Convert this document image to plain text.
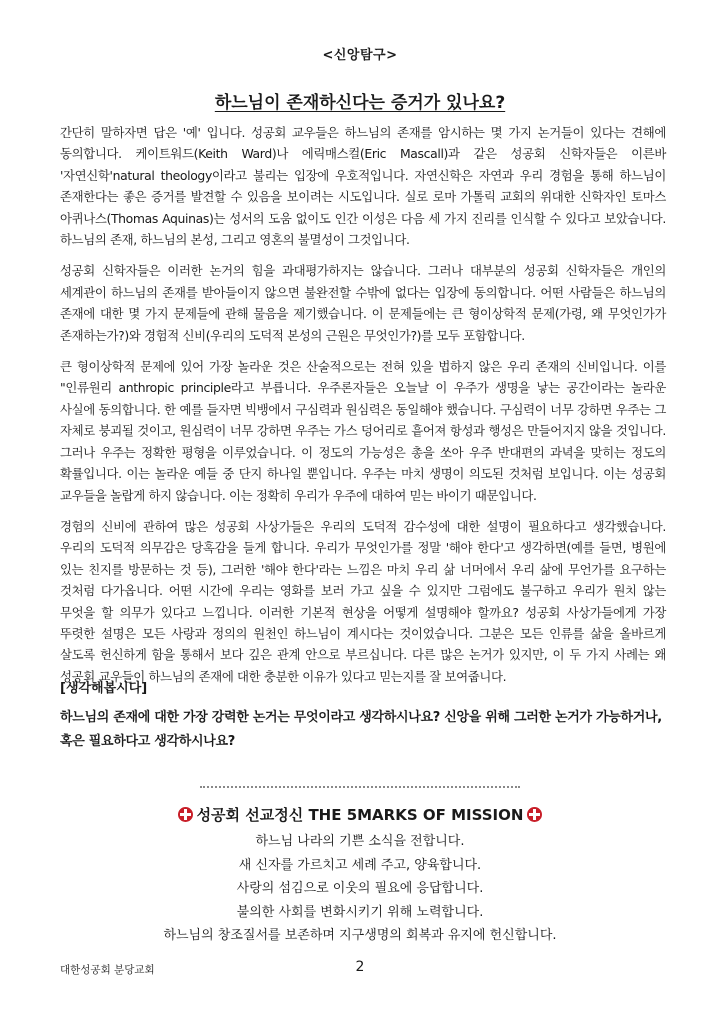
<신앙탐구>
하느님이 존재하신다는 증거가 있나요?

간단히 말하자면 답은 '예' 입니다. 성공회 교우들은 하느님의 존재를 암시하는 몇 가지 논거들이 있다는 견해에 동의합니다. 케이트워드(Keith Ward)나 에릭매스컬(Eric Mascall)과 같은 성공회 신학자들은 이른바 '자연신학'natural theology이라고 불리는 입장에 우호적입니다. 자연신학은 자연과 우리 경험을 통해 하느님이 존재한다는 좋은 증거를 발견할 수 있음을 보이려는 시도입니다. 실로 로마 가톨릭 교회의 위대한 신학자인 토마스 아퀴나스(Thomas Aquinas)는 성서의 도움 없이도 인간 이성은 다음 세 가지 진리를 인식할 수 있다고 보았습니다. 하느님의 존재, 하느님의 본성, 그리고 영혼의 불멸성이 그것입니다.

성공회 신학자들은 이러한 논거의 힘을 과대평가하지는 않습니다. 그러나 대부분의 성공회 신학자들은 개인의 세계관이 하느님의 존재를 받아들이지 않으면 불완전할 수밖에 없다는 입장에 동의합니다. 어떤 사람들은 하느님의 존재에 대한 몇 가지 문제들에 관해 물음을 제기했습니다. 이 문제들에는 큰 형이상학적 문제(가령, 왜 무엇인가가 존재하는가?)와 경험적 신비(우리의 도덕적 본성의 근원은 무엇인가?)를 모두 포함합니다.

큰 형이상학적 문제에 있어 가장 놀라운 것은 산술적으로는 전혀 있을 법하지 않은 우리 존재의 신비입니다. 이를 "인류원리 anthropic principle라고 부릅니다. 우주론자들은 오늘날 이 우주가 생명을 낳는 공간이라는 놀라운 사실에 동의합니다. 한 예를 들자면 빅뱅에서 구심력과 원심력은 동일해야 했습니다. 구심력이 너무 강하면 우주는 그 자체로 붕괴될 것이고, 원심력이 너무 강하면 우주는 가스 덩어리로 흩어져 항성과 행성은 만들어지지 않을 것입니다. 그러나 우주는 정확한 평형을 이루었습니다. 이 정도의 가능성은 총을 쏘아 우주 반대편의 과녁을 맞히는 정도의 확률입니다. 이는 놀라운 예들 중 단지 하나일 뿐입니다. 우주는 마치 생명이 의도된 것처럼 보입니다. 이는 성공회 교우들을 놀랍게 하지 않습니다. 이는 정확히 우리가 우주에 대하여 믿는 바이기 때문입니다.

경험의 신비에 관하여 많은 성공회 사상가들은 우리의 도덕적 감수성에 대한 설명이 필요하다고 생각했습니다. 우리의 도덕적 의무감은 당혹감을 들게 합니다. 우리가 무엇인가를 정말 '해야 한다'고 생각하면(예를 들면, 병원에 있는 친지를 방문하는 것 등), 그러한 '해야 한다'라는 느낌은 마치 우리 삶 너머에서 우리 삶에 무언가를 요구하는 것처럼 다가옵니다. 어떤 시간에 우리는 영화를 보러 가고 싶을 수 있지만 그럼에도 불구하고 우리가 원치 않는 무엇을 할 의무가 있다고 느낍니다. 이러한 기본적 현상을 어떻게 설명해야 할까요? 성공회 사상가들에게 가장 뚜렷한 설명은 모든 사랑과 정의의 원천인 하느님이 계시다는 것이었습니다. 그분은 모든 인류를 삶을 올바르게 살도록 헌신하게 함을 통해서 보다 깊은 관계 안으로 부르십니다. 다른 많은 논거가 있지만, 이 두 가지 사례는 왜 성공회 교우들이 하느님의 존재에 대한 충분한 이유가 있다고 믿는지를 잘 보여줍니다.

[생각해봅시다]
하느님의 존재에 대한 가장 강력한 논거는 무엇이라고 생각하시나요? 신앙을 위해 그러한 논거가 가능하거나, 혹은 필요하다고 생각하시나요?
성공회 선교정신 THE 5MARKS OF MISSION
하느님 나라의 기쁜 소식을 전합니다.
새 신자를 가르치고 세례 주고, 양육합니다.
사랑의 섬김으로 이웃의 필요에 응답합니다.
불의한 사회를 변화시키기 위해 노력합니다.
하느님의 창조질서를 보존하며 지구생명의 회복과 유지에 헌신합니다.
대한성공회 분당교회	2
